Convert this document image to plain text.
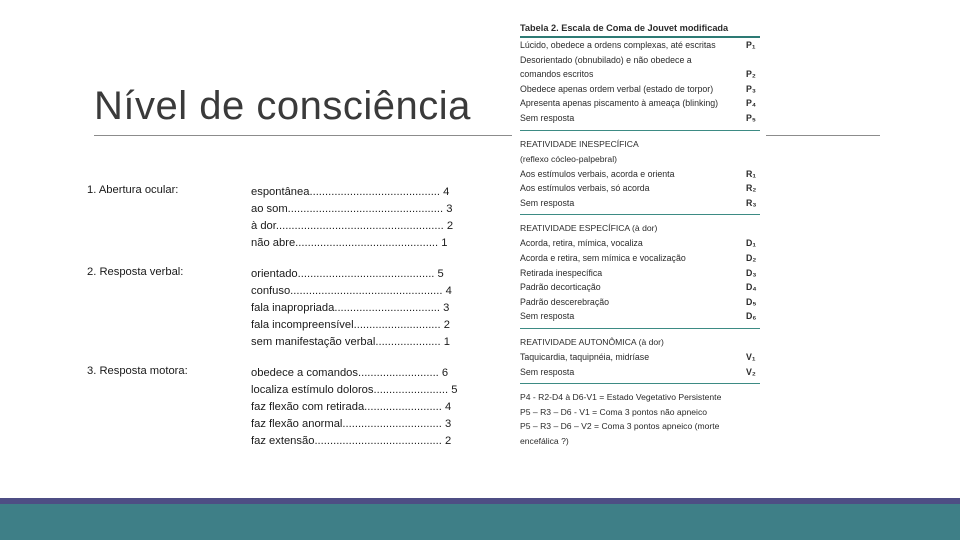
Nível de consciência
1. Abertura ocular:	espontânea.......................................... 4
ao som.................................................. 3
à dor...................................................... 2
não abre.............................................. 1
2. Resposta verbal:	orientado............................................ 5
confuso................................................. 4
fala inapropriada.................................. 3
fala incompreensível............................ 2
sem manifestação verbal..................... 1
3. Resposta motora:	obedece a comandos.......................... 6
localiza estímulo doloros........................ 5
faz flexão com retirada......................... 4
faz flexão anormal................................ 3
faz extensão......................................... 2
Tabela 2. Escala de Coma de Jouvet modificada
Lúcido, obedece a ordens complexas, até escritas	P₁
Desorientado (obnubilado) e não obedece a
comandos escritos	P₂
Obedece apenas ordem verbal (estado de torpor)	P₃
Apresenta apenas piscamento à ameaça (blinking)	P₄
Sem resposta	P₅
REATIVIDADE INESPECÍFICA
(reflexo cócleo-palpebral)
Aos estímulos verbais, acorda e orienta	R₁
Aos estímulos verbais, só acorda	R₂
Sem resposta	R₃
REATIVIDADE ESPECÍFICA (à dor)
Acorda, retira, mímica, vocaliza	D₁
Acorda e retira, sem mímica e vocalização	D₂
Retirada inespecífica	D₃
Padrão decorticação	D₄
Padrão descerebração	D₅
Sem resposta	D₆
REATIVIDADE AUTONÔMICA (à dor)
Taquicardia, taquipnéia, midríase	V₁
Sem resposta	V₂
P4 - R2-D4 à D6-V1 = Estado Vegetativo Persistente
P5 – R3 – D6 - V1 = Coma 3 pontos não apneico
P5 – R3 – D6 – V2 = Coma 3 pontos apneico (morte
encefálica ?)
